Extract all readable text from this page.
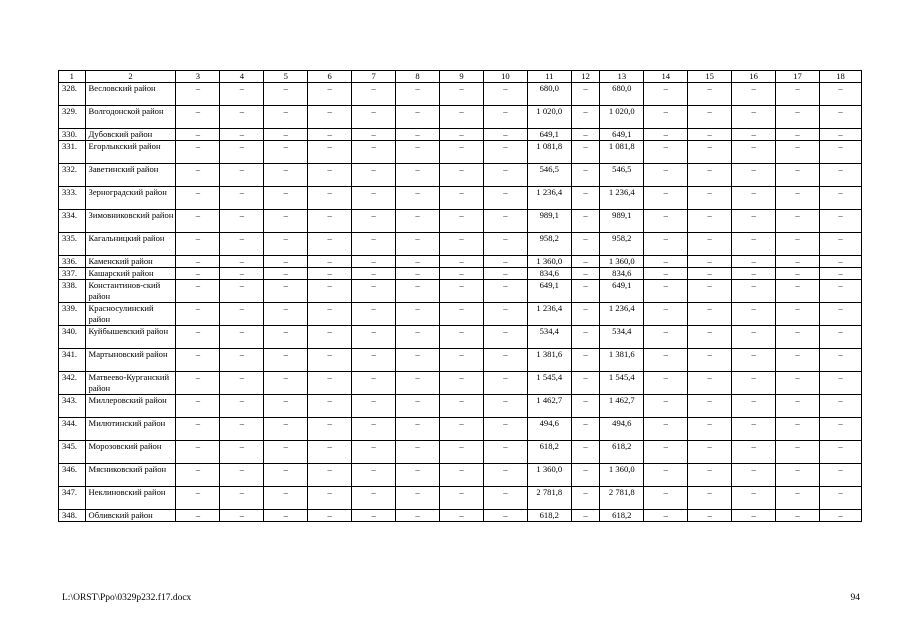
1	2	3	4	5	6	7	8	9	10	11	12	13	14	15	16	17	18
328.	Весловский район	–	–	–	–	–	–	–	–	680,0	–	680,0	–	–	–	–	–
329.	Волгодонской район	–	–	–	–	–	–	–	–	1 020,0	–	1 020,0	–	–	–	–	–
330.	Дубовский район	–	–	–	–	–	–	–	–	649,1	–	649,1	–	–	–	–	–
331.	Егорлыкский район	–	–	–	–	–	–	–	–	1 081,8	–	1 081,8	–	–	–	–	–
332.	Заветинский район	–	–	–	–	–	–	–	–	546,5	–	546,5	–	–	–	–	–
333.	Зерноградский район	–	–	–	–	–	–	–	–	1 236,4	–	1 236,4	–	–	–	–	–
334.	Зимовниковский район	–	–	–	–	–	–	–	–	989,1	–	989,1	–	–	–	–	–
335.	Кагальницкий район	–	–	–	–	–	–	–	–	958,2	–	958,2	–	–	–	–	–
336.	Каменский район	–	–	–	–	–	–	–	–	1 360,0	–	1 360,0	–	–	–	–	–
337.	Кашарский район	–	–	–	–	–	–	–	–	834,6	–	834,6	–	–	–	–	–
338.	Константинов-ский район	–	–	–	–	–	–	–	–	649,1	–	649,1	–	–	–	–	–
339.	Красносулинский район	–	–	–	–	–	–	–	–	1 236,4	–	1 236,4	–	–	–	–	–
340.	Куйбышевский район	–	–	–	–	–	–	–	–	534,4	–	534,4	–	–	–	–	–
341.	Мартыновский район	–	–	–	–	–	–	–	–	1 381,6	–	1 381,6	–	–	–	–	–
342.	Матвеево-Курганский район	–	–	–	–	–	–	–	–	1 545,4	–	1 545,4	–	–	–	–	–
343.	Миллеровский район	–	–	–	–	–	–	–	–	1 462,7	–	1 462,7	–	–	–	–	–
344.	Милютинский район	–	–	–	–	–	–	–	–	494,6	–	494,6	–	–	–	–	–
345.	Морозовский район	–	–	–	–	–	–	–	–	618,2	–	618,2	–	–	–	–	–
346.	Мясниковский район	–	–	–	–	–	–	–	–	1 360,0	–	1 360,0	–	–	–	–	–
347.	Неклиновский район	–	–	–	–	–	–	–	–	2 781,8	–	2 781,8	–	–	–	–	–
348.	Обливский район	–	–	–	–	–	–	–	–	618,2	–	618,2	–	–	–	–	–
L:\ORST\Ppo\0329p232.f17.docx	94
